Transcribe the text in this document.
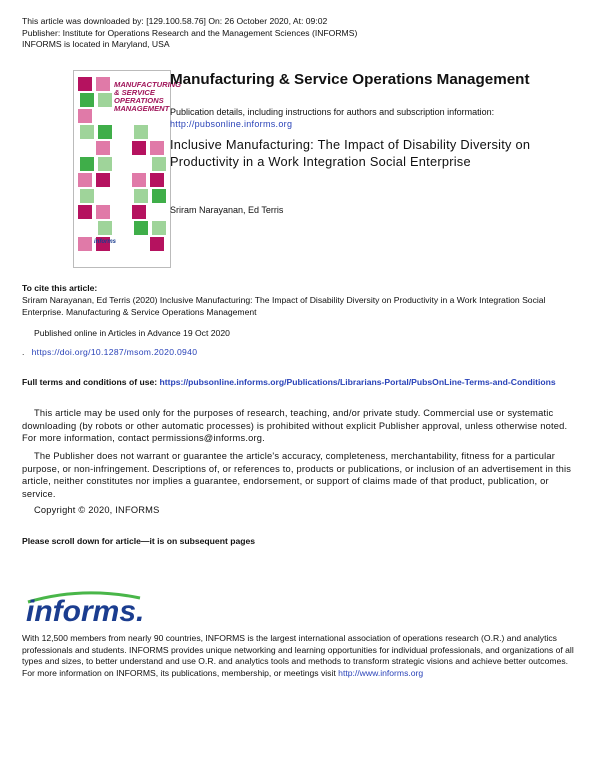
This article was downloaded by: [129.100.58.76] On: 26 October 2020, At: 09:02
Publisher: Institute for Operations Research and the Management Sciences (INFORMS)
INFORMS is located in Maryland, USA
MANUFACTURING & SERVICE OPERATIONS MANAGEMENT
informs
Manufacturing & Service Operations Management
Publication details, including instructions for authors and subscription information:
http://pubsonline.informs.org
Inclusive Manufacturing: The Impact of Disability Diversity on Productivity in a Work Integration Social Enterprise
Sriram Narayanan, Ed Terris
To cite this article:
Sriram Narayanan, Ed Terris (2020) Inclusive Manufacturing: The Impact of Disability Diversity on Productivity in a Work Integration Social Enterprise. Manufacturing & Service Operations Management
Published online in Articles in Advance 19 Oct 2020
. https://doi.org/10.1287/msom.2020.0940
Full terms and conditions of use: https://pubsonline.informs.org/Publications/Librarians-Portal/PubsOnLine-Terms-and-Conditions
This article may be used only for the purposes of research, teaching, and/or private study. Commercial use or systematic downloading (by robots or other automatic processes) is prohibited without explicit Publisher approval, unless otherwise noted. For more information, contact permissions@informs.org.
The Publisher does not warrant or guarantee the article's accuracy, completeness, merchantability, fitness for a particular purpose, or non-infringement. Descriptions of, or references to, products or publications, or inclusion of an advertisement in this article, neither constitutes nor implies a guarantee, endorsement, or support of claims made of that product, publication, or service.
Copyright © 2020, INFORMS
Please scroll down for article—it is on subsequent pages
informs.
With 12,500 members from nearly 90 countries, INFORMS is the largest international association of operations research (O.R.) and analytics professionals and students. INFORMS provides unique networking and learning opportunities for individual professionals, and organizations of all types and sizes, to better understand and use O.R. and analytics tools and methods to transform strategic visions and achieve better outcomes.
For more information on INFORMS, its publications, membership, or meetings visit http://www.informs.org
